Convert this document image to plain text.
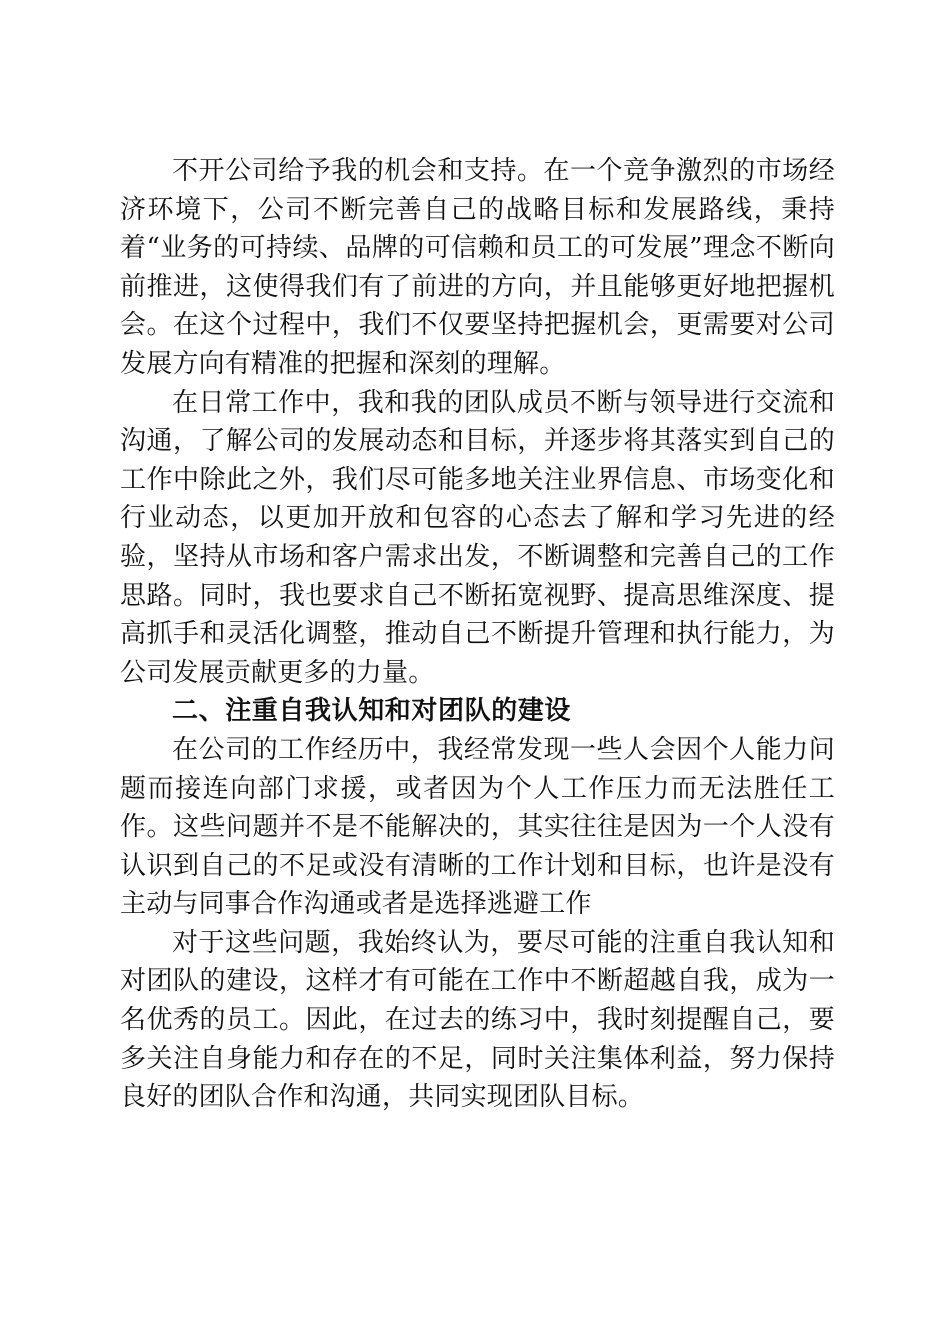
不开公司给予我的机会和支持。在一个竞争激烈的市场经济环境下，公司不断完善自己的战略目标和发展路线，秉持着“业务的可持续、品牌的可信赖和员工的可发展”理念不断向前推进，这使得我们有了前进的方向，并且能够更好地把握机会。在这个过程中，我们不仅要坚持把握机会，更需要对公司发展方向有精准的把握和深刻的理解。

在日常工作中，我和我的团队成员不断与领导进行交流和沟通，了解公司的发展动态和目标，并逐步将其落实到自己的工作中除此之外，我们尽可能多地关注业界信息、市场变化和行业动态，以更加开放和包容的心态去了解和学习先进的经验，坚持从市场和客户需求出发，不断调整和完善自己的工作思路。同时，我也要求自己不断拓宽视野、提高思维深度、提高抓手和灵活化调整，推动自己不断提升管理和执行能力，为公司发展贡献更多的力量。

二、注重自我认知和对团队的建设

在公司的工作经历中，我经常发现一些人会因个人能力问题而接连向部门求援，或者因为个人工作压力而无法胜任工作。这些问题并不是不能解决的，其实往往是因为一个人没有认识到自己的不足或没有清晰的工作计划和目标，也许是没有主动与同事合作沟通或者是选择逃避工作

对于这些问题，我始终认为，要尽可能的注重自我认知和对团队的建设，这样才有可能在工作中不断超越自我，成为一名优秀的员工。因此，在过去的练习中，我时刻提醒自己，要多关注自身能力和存在的不足，同时关注集体利益，努力保持良好的团队合作和沟通，共同实现团队目标。
